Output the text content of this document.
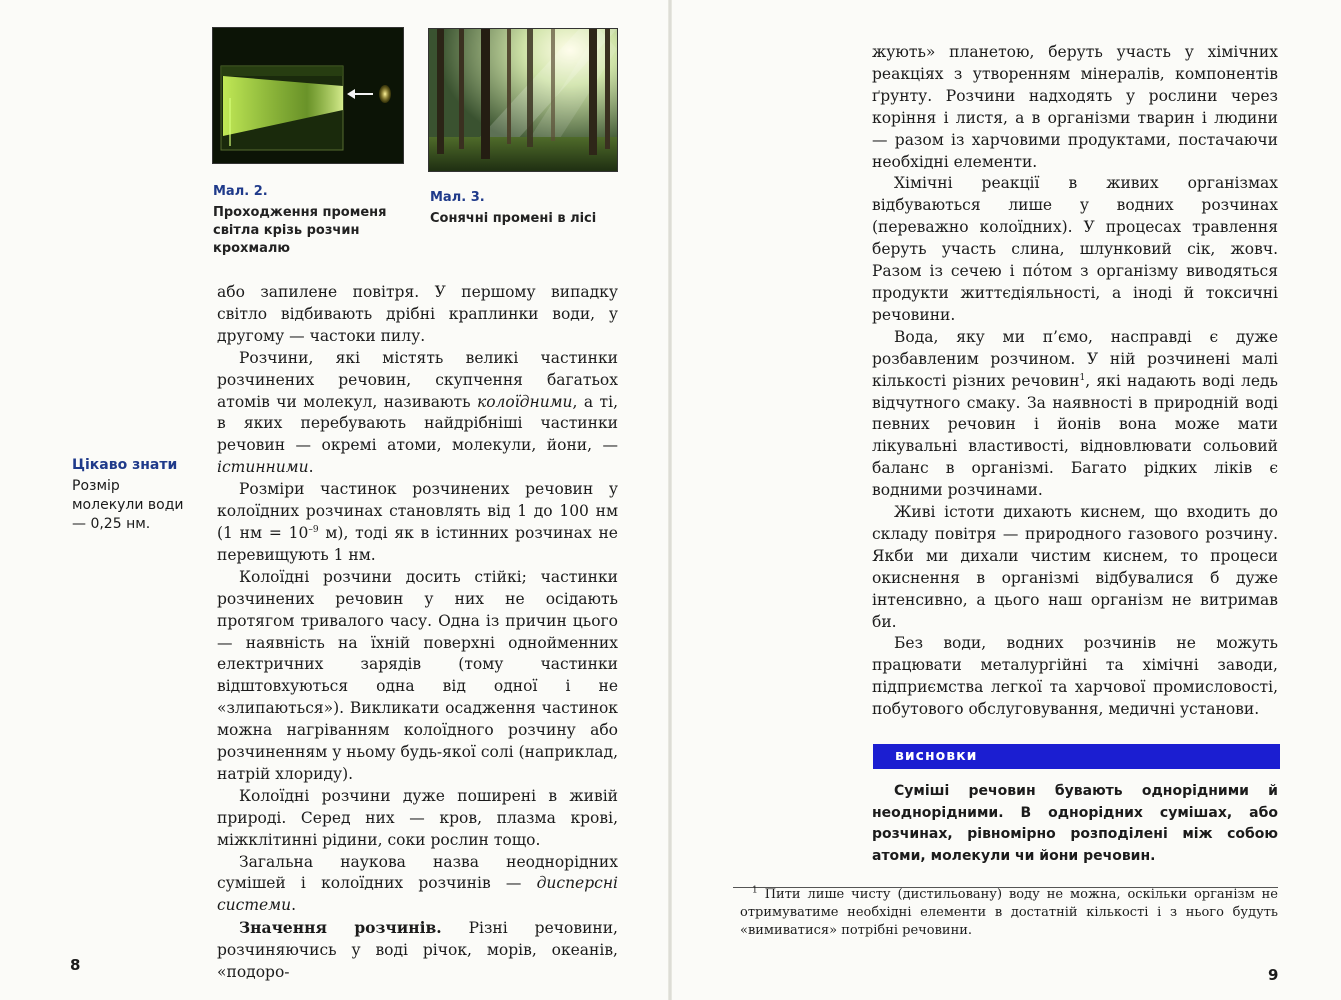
Мал. 2.
Проходження променя світла крізь розчин крохмалю
Мал. 3.
Сонячні промені в лісі
Цікаво знати
Розмір молекули води — 0,25 нм.

або запилене повітря. У першому випадку світло відбивають дрібні краплинки води, у другому — частоки пилу.

Розчини, які містять великі частинки розчинених речовин, скупчення багатьох атомів чи молекул, називають колоїдними, а ті, в яких перебувають найдрібніші частинки речовин — окремі атоми, молекули, йони, — істинними.

Розміри частинок розчинених речовин у колоїдних розчинах становлять від 1 до 100 нм (1 нм = $10^{-9}$ м), тоді як в істинних розчинах не перевищують 1 нм.

Колоїдні розчини досить стійкі; частинки розчинених речовин у них не осідають протягом тривалого часу. Одна із причин цього — наявність на їхній поверхні однойменних електричних зарядів (тому частинки відштовхуються одна від одної і не «злипаються»). Викликати осадження частинок можна нагріванням колоїдного розчину або розчиненням у ньому будь-якої солі (наприклад, натрій хлориду).

Колоїдні розчини дуже поширені в живій природі. Серед них — кров, плазма крові, міжклітинні рідини, соки рослин тощо.

Загальна наукова назва неоднорідних сумішей і колоїдних розчинів — дисперсні системи.

Значення розчинів. Різні речовини, розчиняючись у воді річок, морів, океанів, «подоро-

8

жують» планетою, беруть участь у хімічних реакціях з утворенням мінералів, компонентів ґрунту. Розчини надходять у рослини через коріння і листя, а в організми тварин і людини — разом із харчовими продуктами, постачаючи необхідні елементи.

Хімічні реакції в живих організмах відбуваються лише у водних розчинах (переважно колоїдних). У процесах травлення беруть участь слина, шлунковий сік, жовч. Разом із сечею і пóтом з організму виводяться продукти життєдіяльності, а іноді й токсичні речовини.

Вода, яку ми п’ємо, насправді є дуже розбавленим розчином. У ній розчинені малі кількості різних речовин$^1$, які надають воді ледь відчутного смаку. За наявності в природній воді певних речовин і йонів вона може мати лікувальні властивості, відновлювати сольовий баланс в організмі. Багато рідких ліків є водними розчинами.

Живі істоти дихають киснем, що входить до складу повітря — природного газового розчину. Якби ми дихали чистим киснем, то процеси окиснення в організмі відбувалися б дуже інтенсивно, а цього наш організм не витримав би.

Без води, водних розчинів не можуть працювати металургійні та хімічні заводи, підприємства легкої та харчової промисловості, побутового обслуговування, медичні установи.

висновки
Суміші речовин бувають однорідними й неоднорідними. В однорідних сумішах, або розчинах, рівномірно розподілені між собою атоми, молекули чи йони речовин.
$^1$ Пити лише чисту (дистильовану) воду не можна, оскільки організм не отримуватиме необхідні елементи в достатній кількості і з нього будуть «вимиватися» потрібні речовини.
9
